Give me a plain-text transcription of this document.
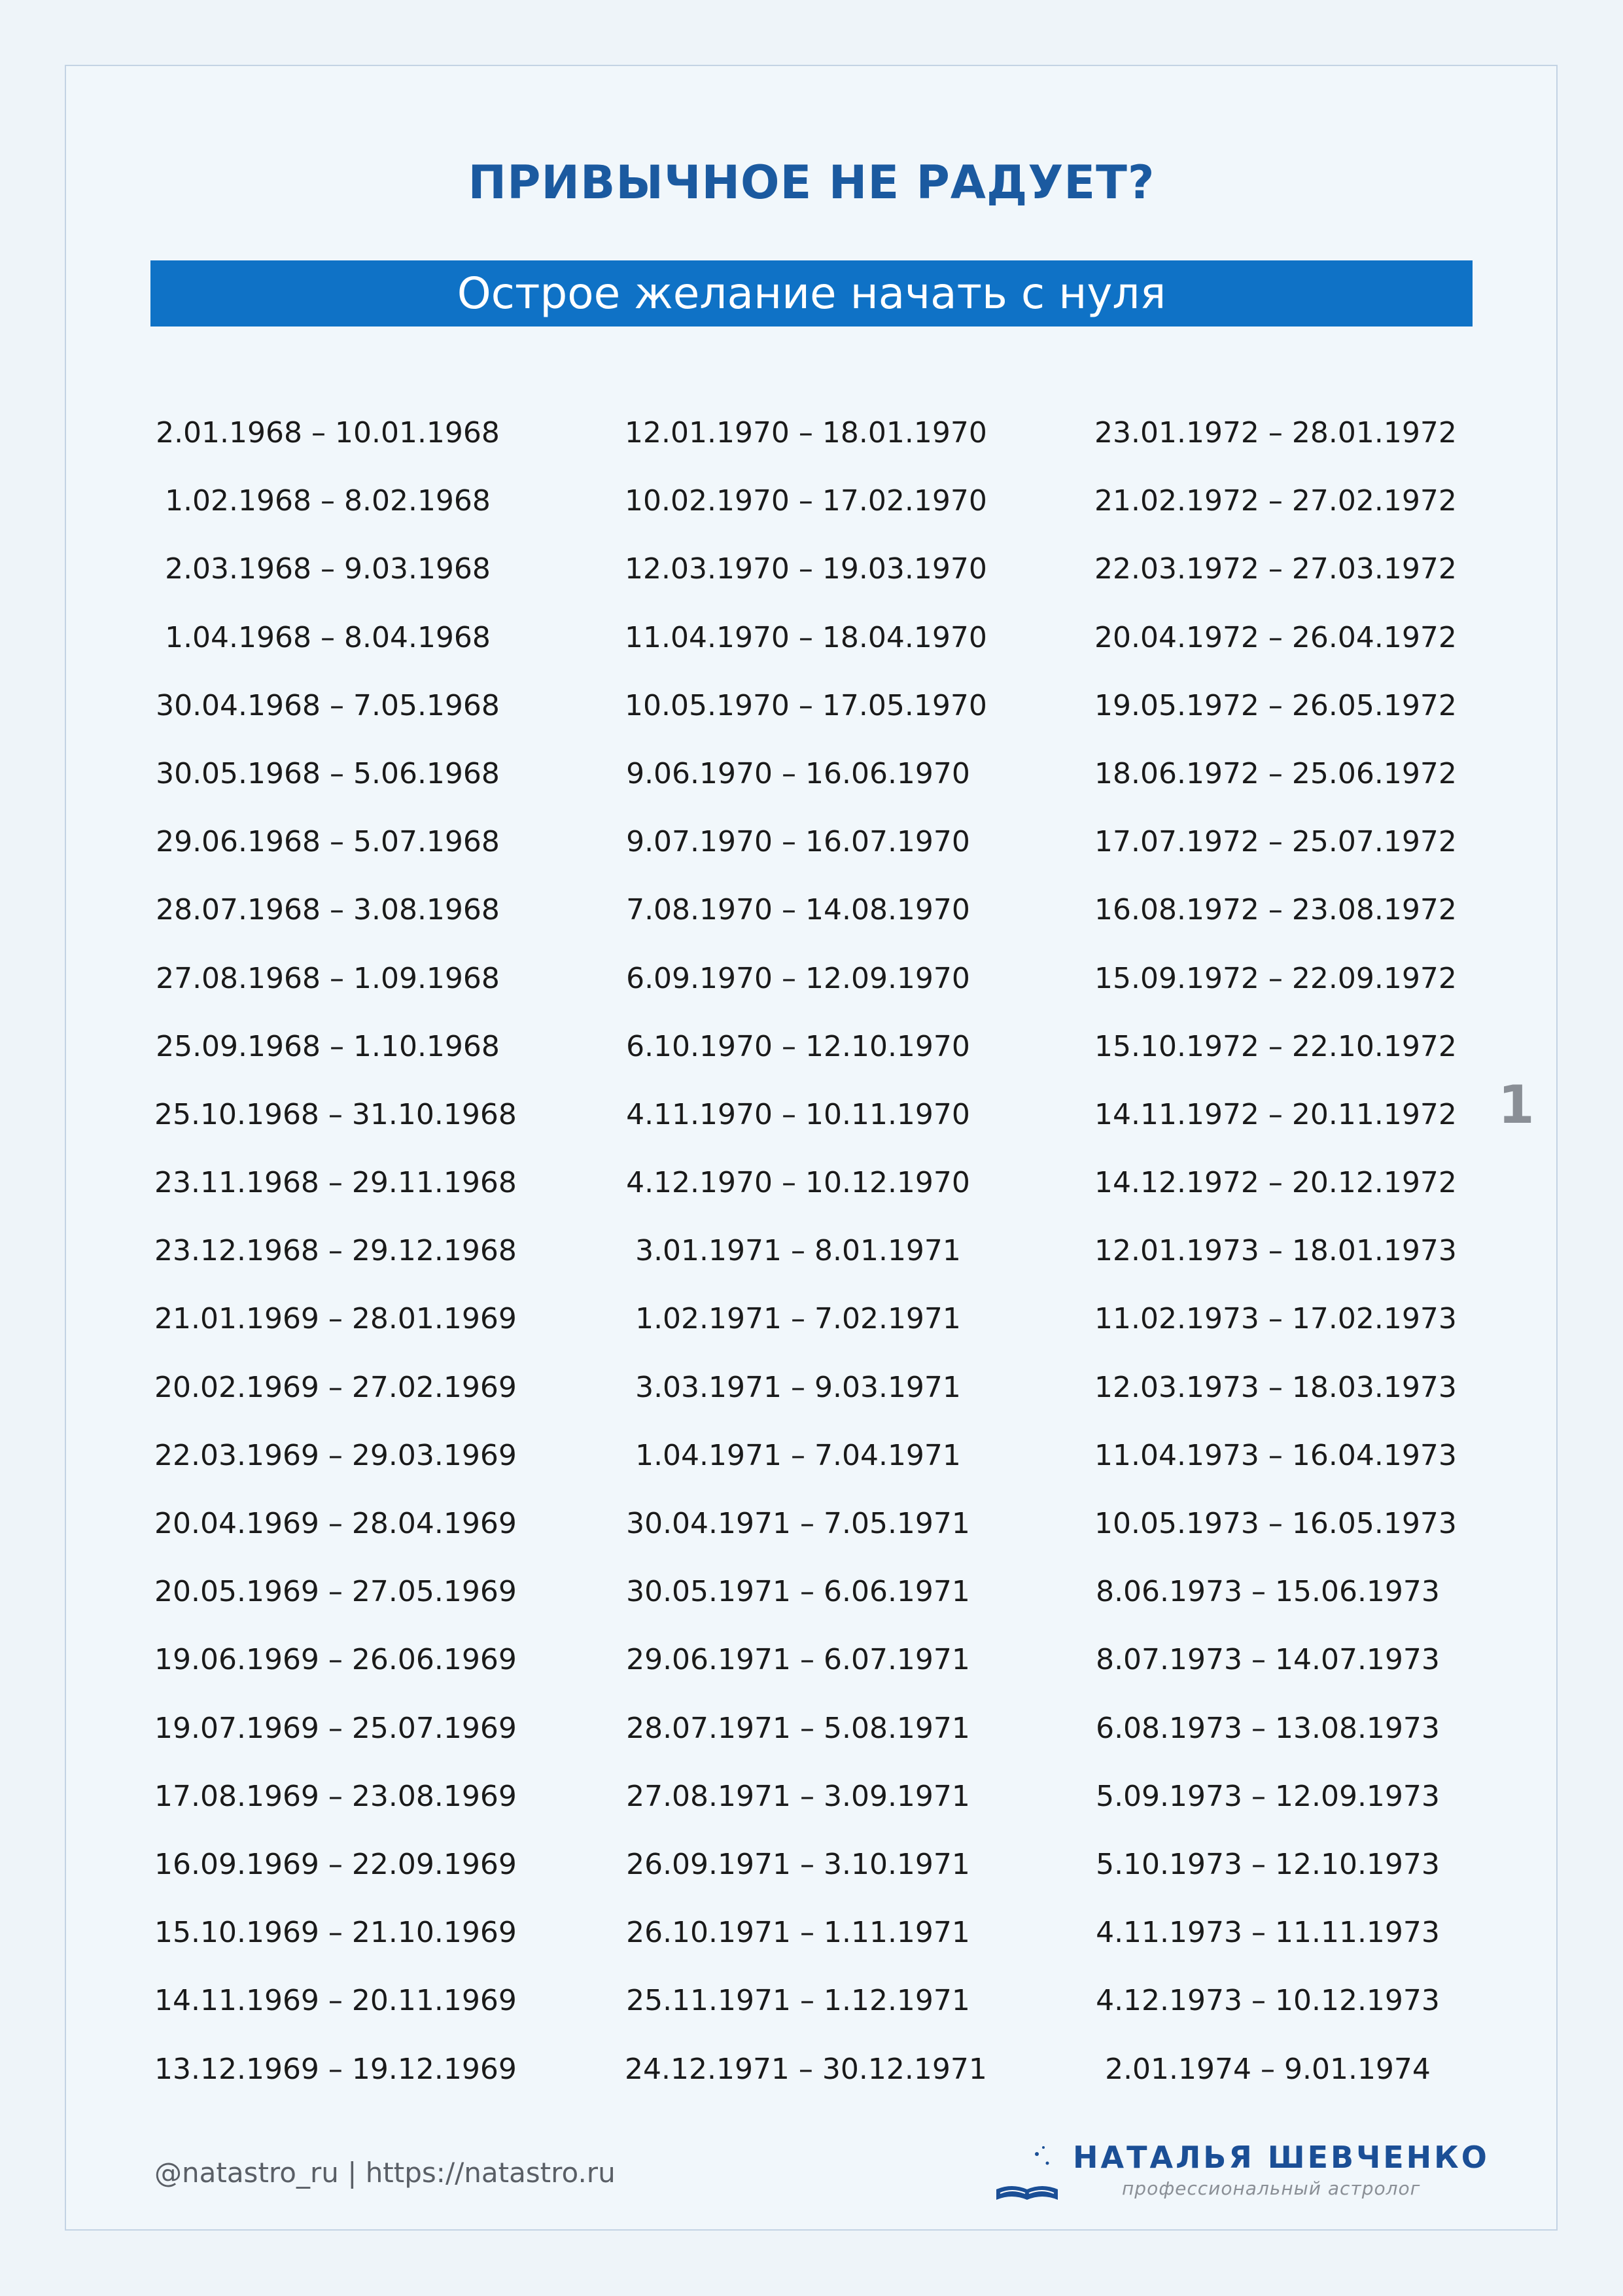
ПРИВЫЧНОЕ НЕ РАДУЕТ?
Острое желание начать с нуля
2.01.1968 – 10.01.1968
1.02.1968 – 8.02.1968
2.03.1968 – 9.03.1968
1.04.1968 – 8.04.1968
30.04.1968 – 7.05.1968
30.05.1968 – 5.06.1968
29.06.1968 – 5.07.1968
28.07.1968 – 3.08.1968
27.08.1968 – 1.09.1968
25.09.1968 – 1.10.1968
25.10.1968 – 31.10.1968
23.11.1968 – 29.11.1968
23.12.1968 – 29.12.1968
21.01.1969 – 28.01.1969
20.02.1969 – 27.02.1969
22.03.1969 – 29.03.1969
20.04.1969 – 28.04.1969
20.05.1969 – 27.05.1969
19.06.1969 – 26.06.1969
19.07.1969 – 25.07.1969
17.08.1969 – 23.08.1969
16.09.1969 – 22.09.1969
15.10.1969 – 21.10.1969
14.11.1969 – 20.11.1969
13.12.1969 – 19.12.1969
12.01.1970 – 18.01.1970
10.02.1970 – 17.02.1970
12.03.1970 – 19.03.1970
11.04.1970 – 18.04.1970
10.05.1970 – 17.05.1970
9.06.1970 – 16.06.1970
9.07.1970 – 16.07.1970
7.08.1970 – 14.08.1970
6.09.1970 – 12.09.1970
6.10.1970 – 12.10.1970
4.11.1970 – 10.11.1970
4.12.1970 – 10.12.1970
3.01.1971 – 8.01.1971
1.02.1971 – 7.02.1971
3.03.1971 – 9.03.1971
1.04.1971 – 7.04.1971
30.04.1971 – 7.05.1971
30.05.1971 – 6.06.1971
29.06.1971 – 6.07.1971
28.07.1971 – 5.08.1971
27.08.1971 – 3.09.1971
26.09.1971 – 3.10.1971
26.10.1971 – 1.11.1971
25.11.1971 – 1.12.1971
24.12.1971 – 30.12.1971
23.01.1972 – 28.01.1972
21.02.1972 – 27.02.1972
22.03.1972 – 27.03.1972
20.04.1972 – 26.04.1972
19.05.1972 – 26.05.1972
18.06.1972 – 25.06.1972
17.07.1972 – 25.07.1972
16.08.1972 – 23.08.1972
15.09.1972 – 22.09.1972
15.10.1972 – 22.10.1972
14.11.1972 – 20.11.1972
14.12.1972 – 20.12.1972
12.01.1973 – 18.01.1973
11.02.1973 – 17.02.1973
12.03.1973 – 18.03.1973
11.04.1973 – 16.04.1973
10.05.1973 – 16.05.1973
8.06.1973 – 15.06.1973
8.07.1973 – 14.07.1973
6.08.1973 – 13.08.1973
5.09.1973 – 12.09.1973
5.10.1973 – 12.10.1973
4.11.1973 – 11.11.1973
4.12.1973 – 10.12.1973
2.01.1974 – 9.01.1974
1
@natastro_ru | https://natastro.ru	НАТАЛЬЯ ШЕВЧЕНКО
профессиональный астролог
